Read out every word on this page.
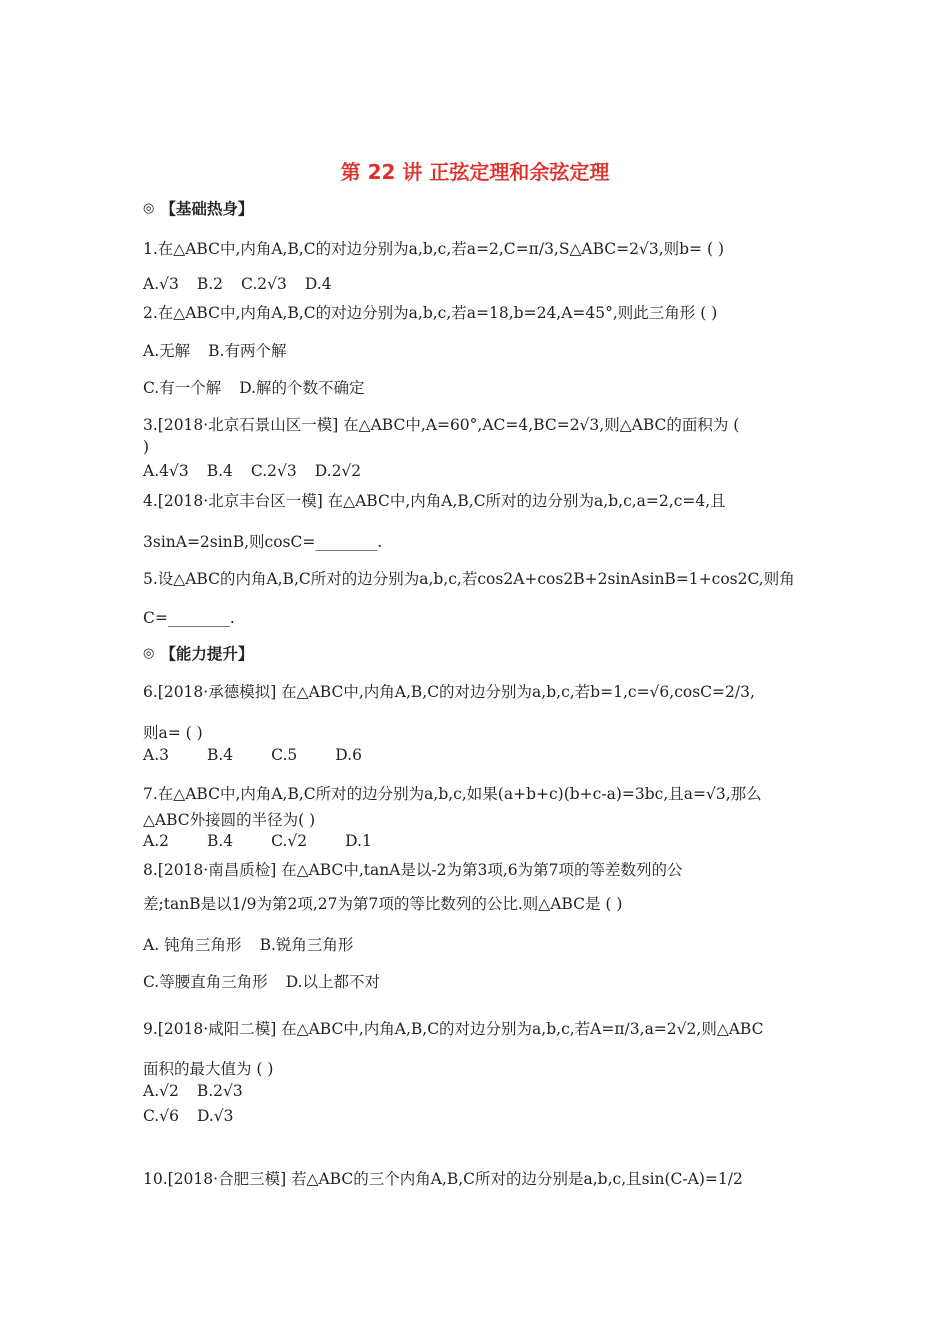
第 22 讲 正弦定理和余弦定理
◎ 【基础热身】
1.在△ABC中,内角A,B,C的对边分别为a,b,c,若a=2,C=π/3,S△ABC=2√3,则b= ( )
A.√3 B.2 C.2√3 D.4
2.在△ABC中,内角A,B,C的对边分别为a,b,c,若a=18,b=24,A=45°,则此三角形 ( )
A.无解 B.有两个解
C.有一个解 D.解的个数不确定
3.[2018·北京石景山区一模] 在△ABC中,A=60°,AC=4,BC=2√3,则△ABC的面积为 (
)
A.4√3 B.4 C.2√3 D.2√2
4.[2018·北京丰台区一模] 在△ABC中,内角A,B,C所对的边分别为a,b,c,a=2,c=4,且
3sinA=2sinB,则cosC=________.
5.设△ABC的内角A,B,C所对的边分别为a,b,c,若cos2A+cos2B+2sinAsinB=1+cos2C,则角
C=________.
◎ 【能力提升】
6.[2018·承德模拟] 在△ABC中,内角A,B,C的对边分别为a,b,c,若b=1,c=√6,cosC=2/3,
则a= ( )
A.3 B.4 C.5 D.6
7.在△ABC中,内角A,B,C所对的边分别为a,b,c,如果(a+b+c)(b+c-a)=3bc,且a=√3,那么
△ABC外接圆的半径为( )
A.2 B.4 C.√2 D.1
8.[2018·南昌质检] 在△ABC中,tanA是以-2为第3项,6为第7项的等差数列的公
差;tanB是以1/9为第2项,27为第7项的等比数列的公比.则△ABC是 ( )
A. 钝角三角形 B.锐角三角形
C.等腰直角三角形 D.以上都不对
9.[2018·咸阳二模] 在△ABC中,内角A,B,C的对边分别为a,b,c,若A=π/3,a=2√2,则△ABC
面积的最大值为 ( )
A.√2 B.2√3
C.√6 D.√3
10.[2018·合肥三模] 若△ABC的三个内角A,B,C所对的边分别是a,b,c,且sin(C-A)=1/2
